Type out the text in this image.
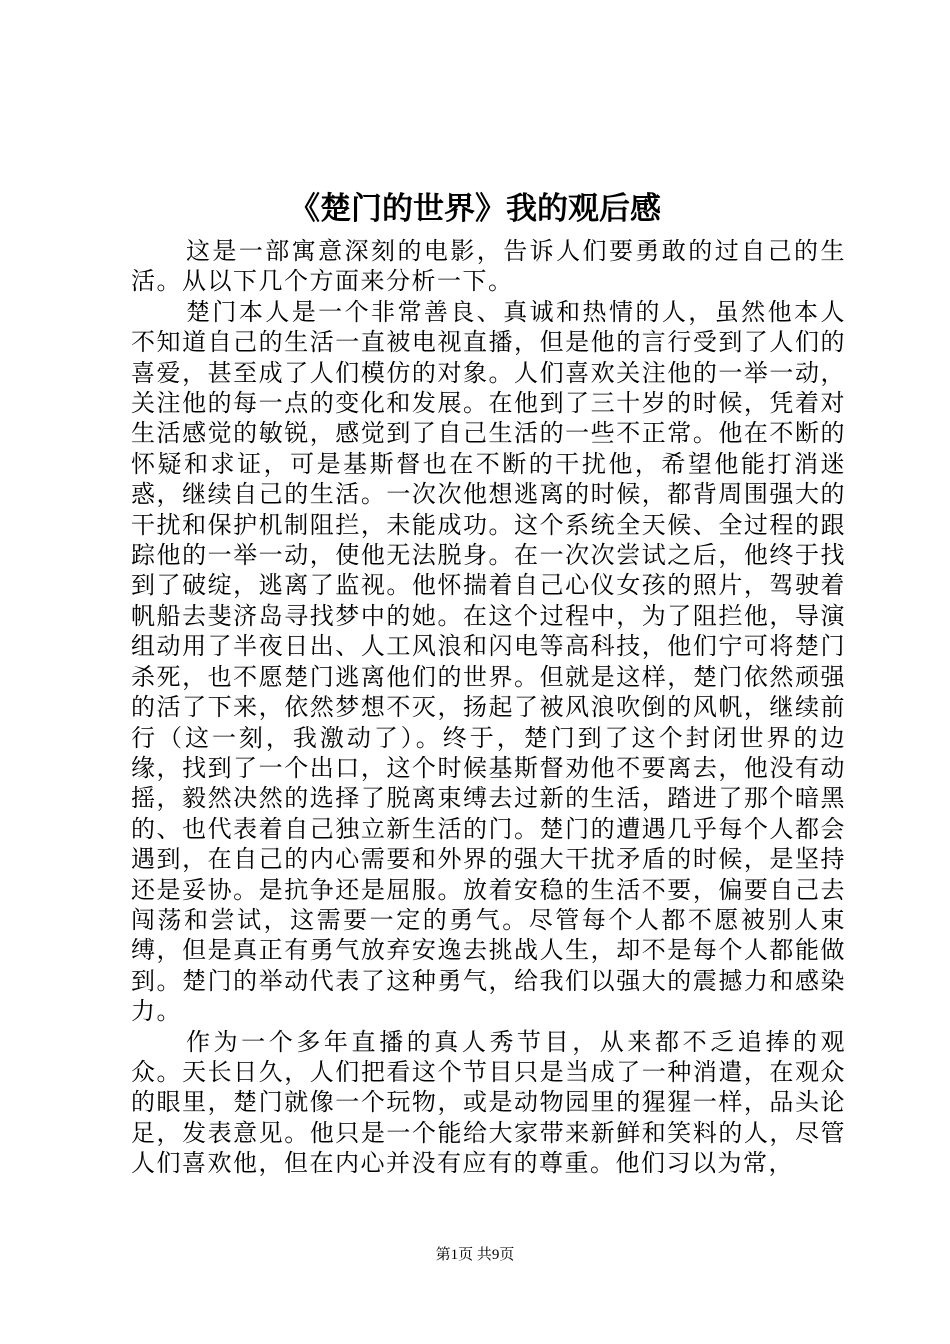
《楚门的世界》我的观后感

这是一部寓意深刻的电影，告诉人们要勇敢的过自己的生活。从以下几个方面来分析一下。

楚门本人是一个非常善良、真诚和热情的人，虽然他本人不知道自己的生活一直被电视直播，但是他的言行受到了人们的喜爱，甚至成了人们模仿的对象。人们喜欢关注他的一举一动，关注他的每一点的变化和发展。在他到了三十岁的时候，凭着对生活感觉的敏锐，感觉到了自己生活的一些不正常。他在不断的怀疑和求证，可是基斯督也在不断的干扰他，希望他能打消迷惑，继续自己的生活。一次次他想逃离的时候，都背周围强大的干扰和保护机制阻拦，未能成功。这个系统全天候、全过程的跟踪他的一举一动，使他无法脱身。在一次次尝试之后，他终于找到了破绽，逃离了监视。他怀揣着自己心仪女孩的照片，驾驶着帆船去斐济岛寻找梦中的她。在这个过程中，为了阻拦他，导演组动用了半夜日出、人工风浪和闪电等高科技，他们宁可将楚门杀死，也不愿楚门逃离他们的世界。但就是这样，楚门依然顽强的活了下来，依然梦想不灭，扬起了被风浪吹倒的风帆，继续前行（这一刻，我激动了）。终于，楚门到了这个封闭世界的边缘，找到了一个出口，这个时候基斯督劝他不要离去，他没有动摇，毅然决然的选择了脱离束缚去过新的生活，踏进了那个暗黑的、也代表着自己独立新生活的门。楚门的遭遇几乎每个人都会遇到，在自己的内心需要和外界的强大干扰矛盾的时候，是坚持还是妥协。是抗争还是屈服。放着安稳的生活不要，偏要自己去闯荡和尝试，这需要一定的勇气。尽管每个人都不愿被别人束缚，但是真正有勇气放弃安逸去挑战人生，却不是每个人都能做到。楚门的举动代表了这种勇气，给我们以强大的震撼力和感染力。

作为一个多年直播的真人秀节目，从来都不乏追捧的观众。天长日久，人们把看这个节目只是当成了一种消遣，在观众的眼里，楚门就像一个玩物，或是动物园里的猩猩一样，品头论足，发表意见。他只是一个能给大家带来新鲜和笑料的人，尽管人们喜欢他，但在内心并没有应有的尊重。他们习以为常，

第1页 共9页
